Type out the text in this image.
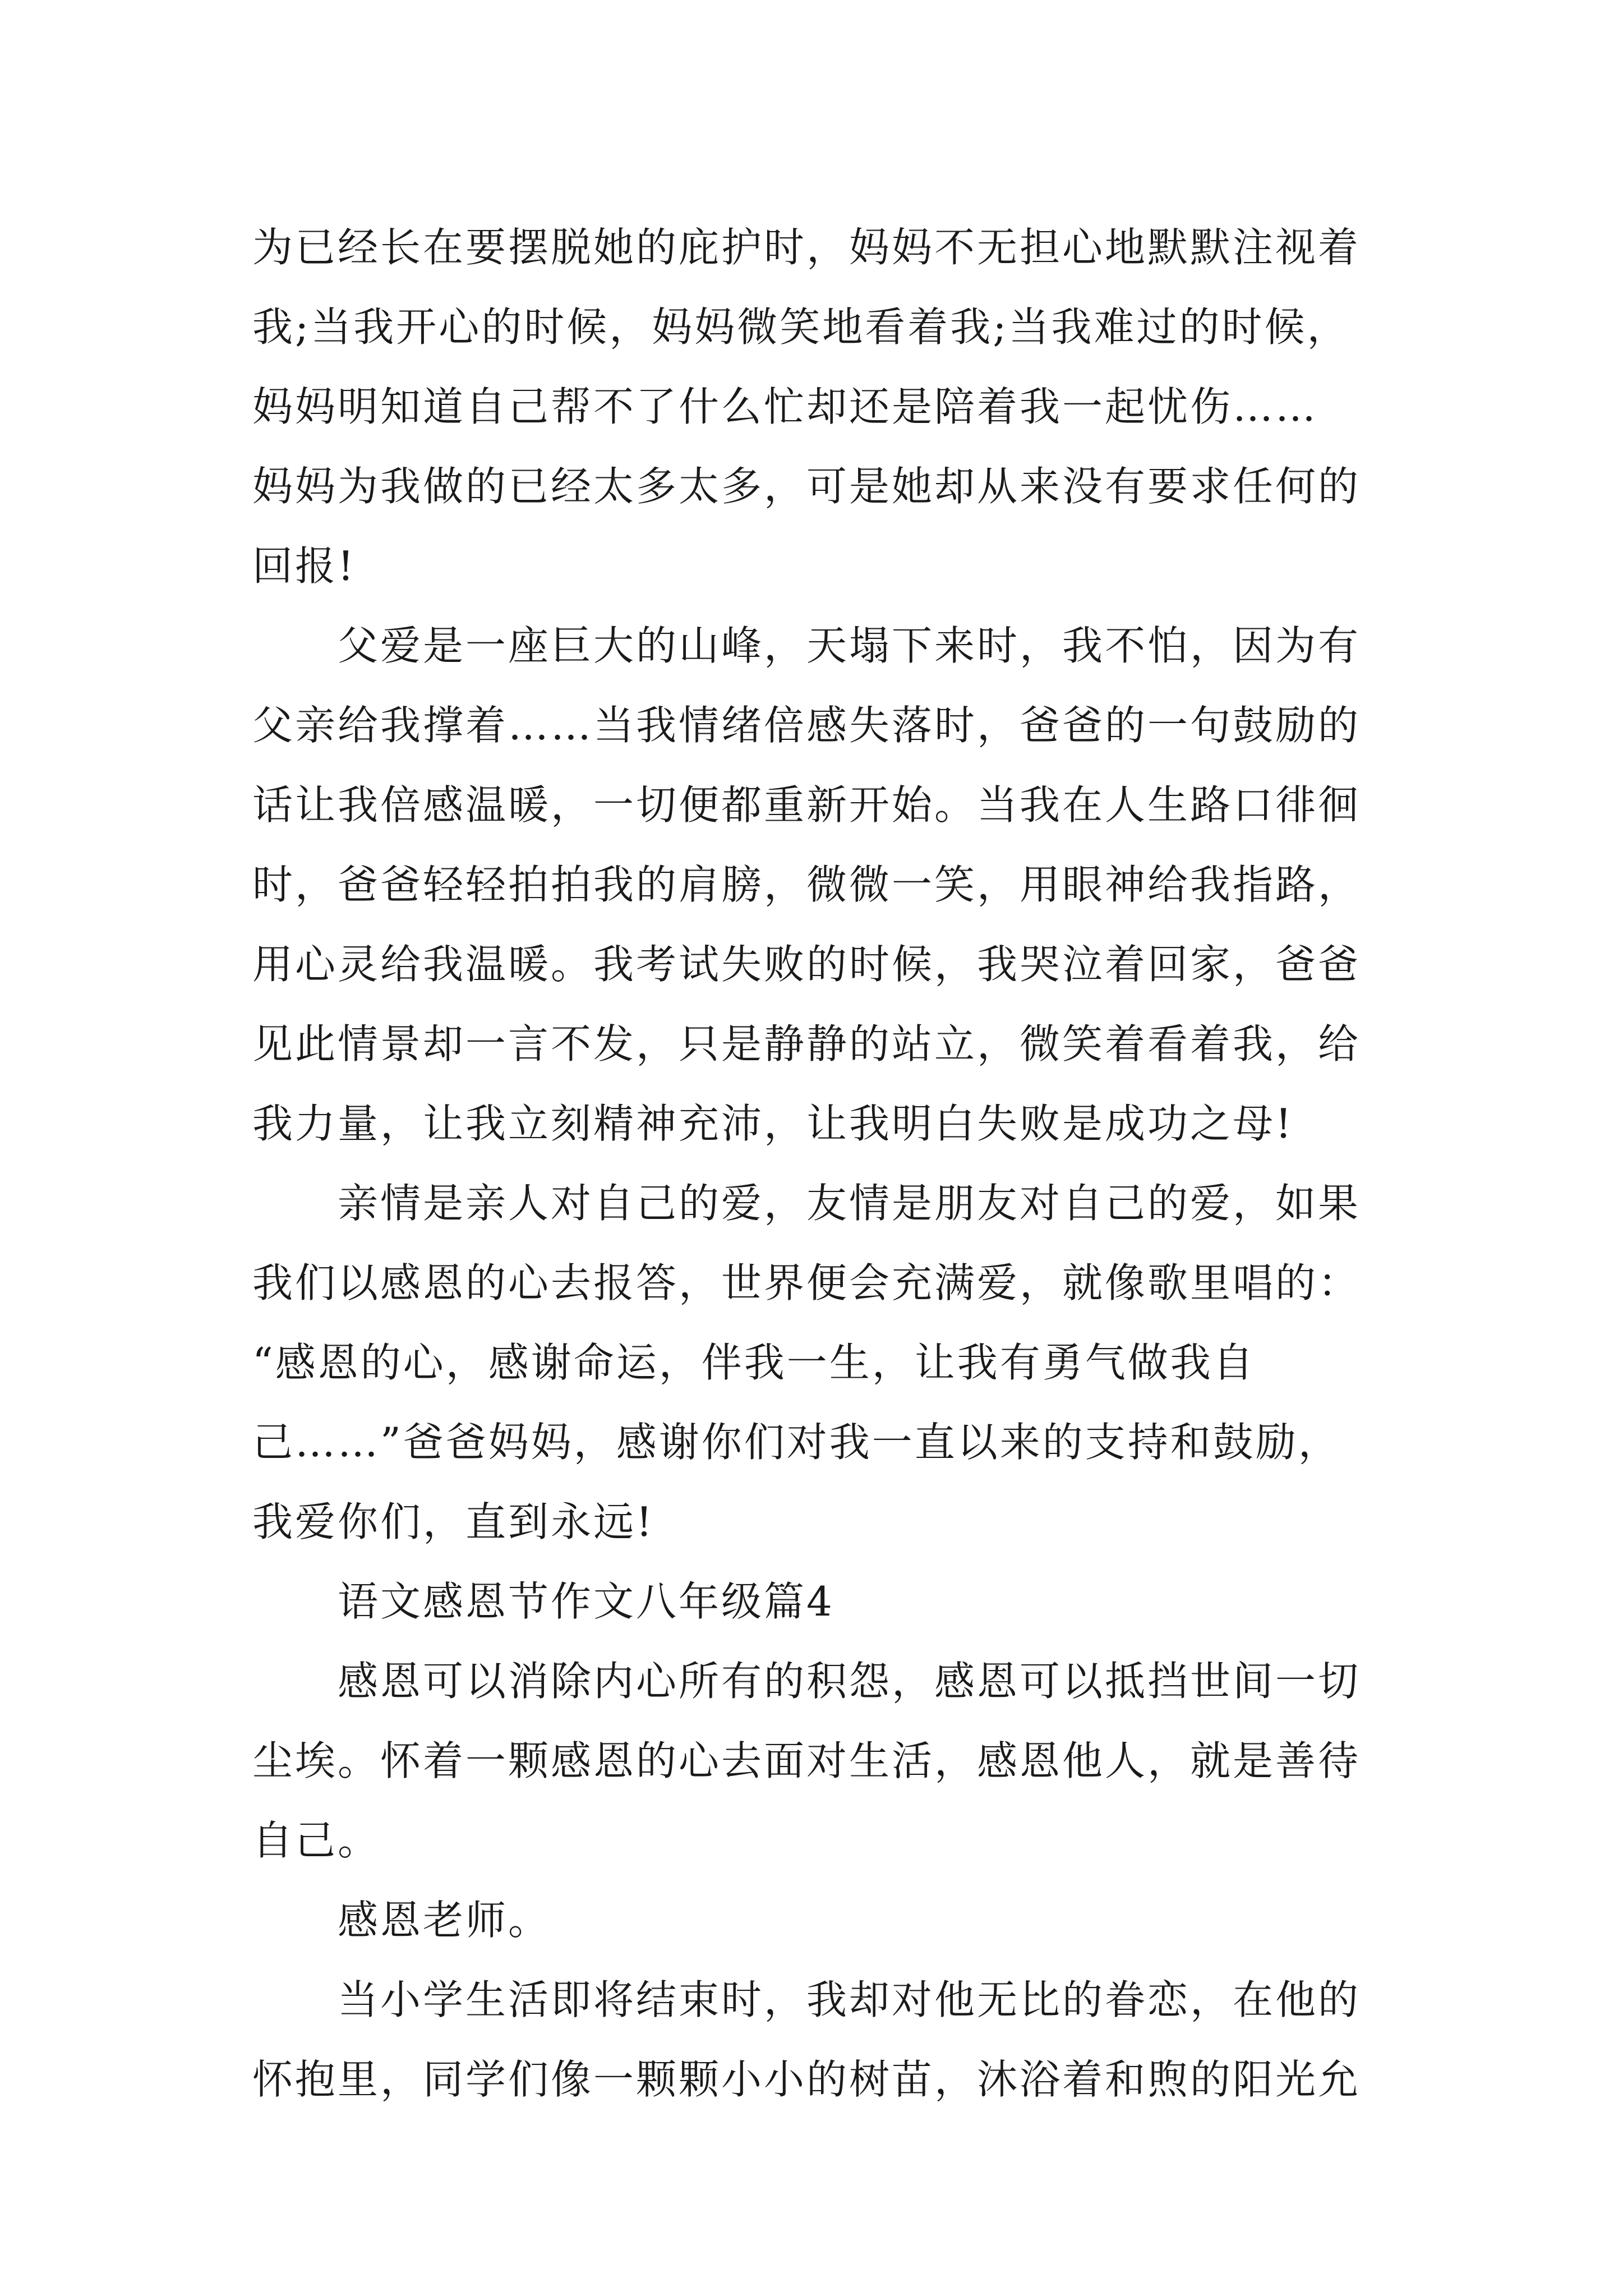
为已经长在要摆脱她的庇护时，妈妈不无担心地默默注视着
我;当我开心的时候，妈妈微笑地看着我;当我难过的时候，
妈妈明知道自己帮不了什么忙却还是陪着我一起忧伤……
妈妈为我做的已经太多太多，可是她却从来没有要求任何的
回报!
父爱是一座巨大的山峰，天塌下来时，我不怕，因为有
父亲给我撑着……当我情绪倍感失落时，爸爸的一句鼓励的
话让我倍感温暖，一切便都重新开始。当我在人生路口徘徊
时，爸爸轻轻拍拍我的肩膀，微微一笑，用眼神给我指路，
用心灵给我温暖。我考试失败的时候，我哭泣着回家，爸爸
见此情景却一言不发，只是静静的站立，微笑着看着我，给
我力量，让我立刻精神充沛，让我明白失败是成功之母!
亲情是亲人对自己的爱，友情是朋友对自己的爱，如果
我们以感恩的心去报答，世界便会充满爱，就像歌里唱的：
“感恩的心，感谢命运，伴我一生，让我有勇气做我自
己……”爸爸妈妈，感谢你们对我一直以来的支持和鼓励，
我爱你们，直到永远!
语文感恩节作文八年级篇4
感恩可以消除内心所有的积怨，感恩可以抵挡世间一切
尘埃。怀着一颗感恩的心去面对生活，感恩他人，就是善待
自己。
感恩老师。
当小学生活即将结束时，我却对他无比的眷恋，在他的
怀抱里，同学们像一颗颗小小的树苗，沐浴着和煦的阳光允
